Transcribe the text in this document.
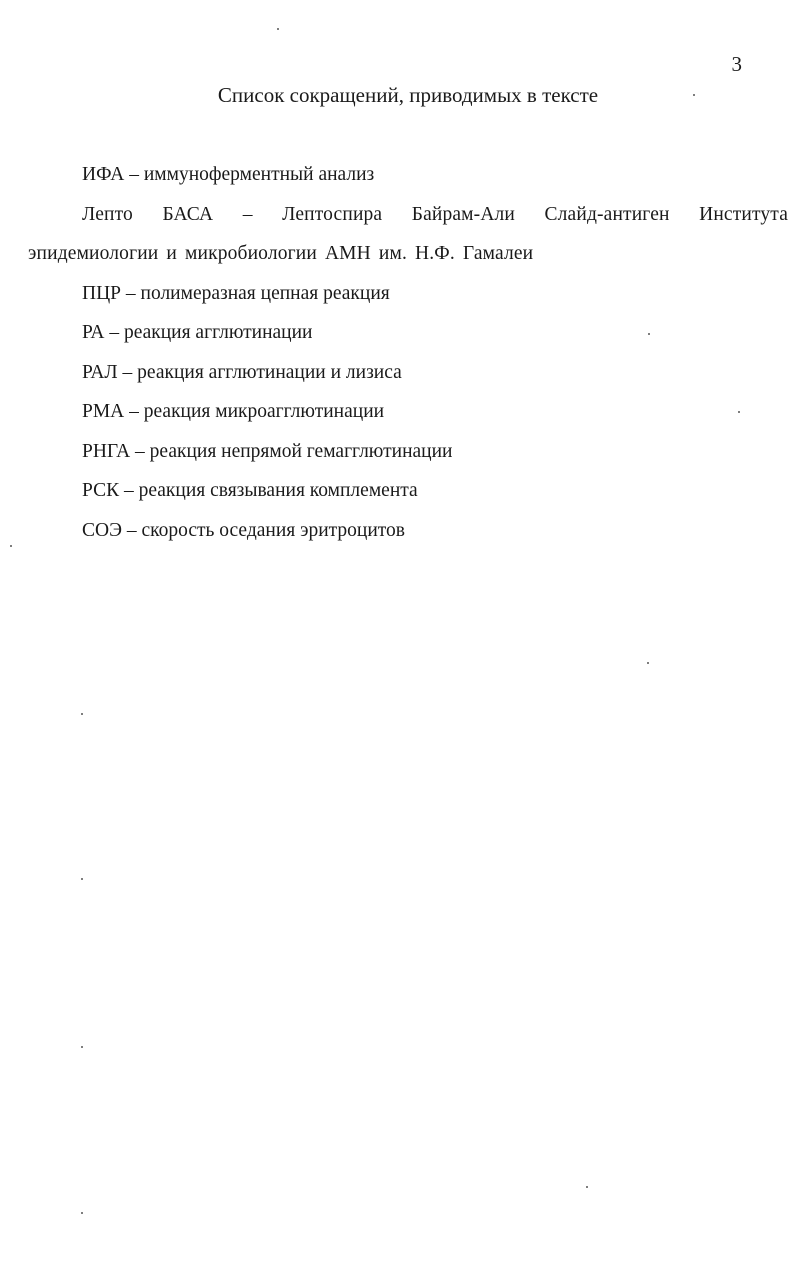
3
Список сокращений, приводимых в тексте
ИФА – иммуноферментный анализ
Лепто БАСА – Лептоспира Байрам-Али Слайд-антиген Института эпидемиологии и микробиологии АМН им. Н.Ф. Гамалеи
ПЦР – полимеразная цепная реакция
РА – реакция агглютинации
РАЛ – реакция агглютинации и лизиса
РМА – реакция микроагглютинации
РНГА – реакция непрямой гемагглютинации
РСК – реакция связывания комплемента
СОЭ – скорость оседания эритроцитов
